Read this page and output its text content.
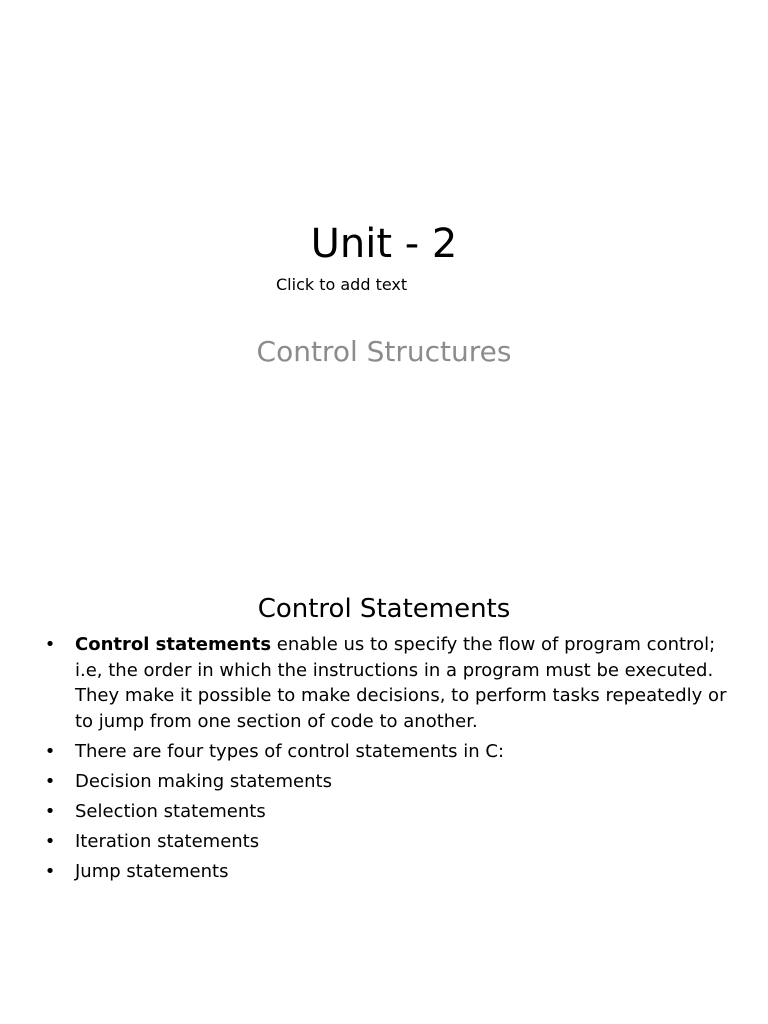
Unit - 2
Click to add text
Control Structures
Control Statements
• Control statements enable us to specify the flow of program control; i.e, the order in which the instructions in a program must be executed. They make it possible to make decisions, to perform tasks repeatedly or to jump from one section of code to another.
• There are four types of control statements in C:
• Decision making statements
• Selection statements
• Iteration statements
• Jump statements
